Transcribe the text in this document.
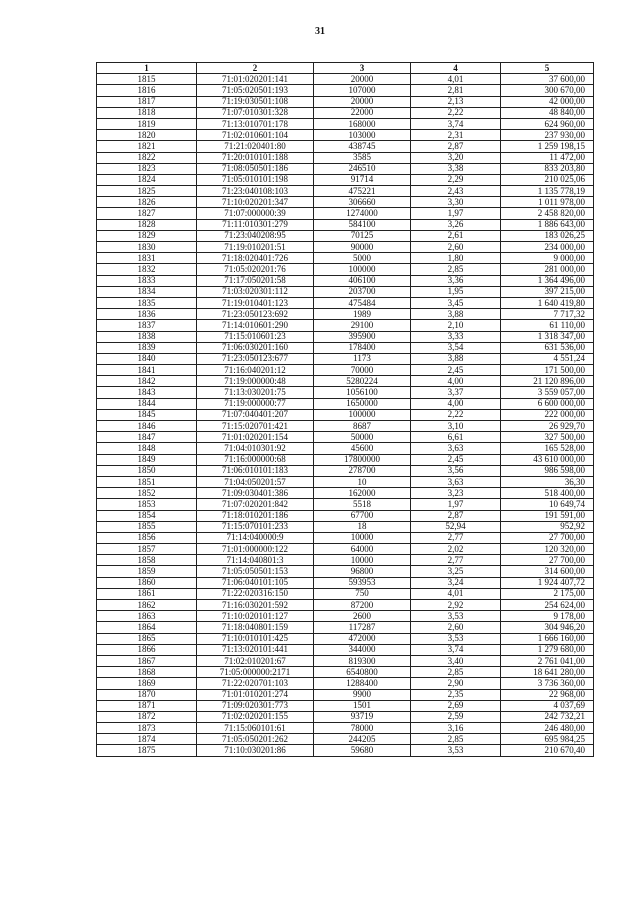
31
1	2	3	4	5
1815	71:01:020201:141	20000	4,01	37 600,00
1816	71:05:020501:193	107000	2,81	300 670,00
1817	71:19:030501:108	20000	2,13	42 000,00
1818	71:07:010301:328	22000	2,22	48 840,00
1819	71:13:010701:178	168000	3,74	624 960,00
1820	71:02:010601:104	103000	2,31	237 930,00
1821	71:21:020401:80	438745	2,87	1 259 198,15
1822	71:20:010101:188	3585	3,20	11 472,00
1823	71:08:050501:186	246510	3,38	833 203,80
1824	71:05:010101:198	91714	2,29	210 025,06
1825	71:23:040108:103	475221	2,43	1 135 778,19
1826	71:10:020201:347	306660	3,30	1 011 978,00
1827	71:07:000000:39	1274000	1,97	2 458 820,00
1828	71:11:010301:279	584100	3,26	1 886 643,00
1829	71:23:040208:95	70125	2,61	183 026,25
1830	71:19:010201:51	90000	2,60	234 000,00
1831	71:18:020401:726	5000	1,80	9 000,00
1832	71:05:020201:76	100000	2,85	281 000,00
1833	71:17:050201:58	406100	3,36	1 364 496,00
1834	71:03:020301:112	203700	1,95	397 215,00
1835	71:19:010401:123	475484	3,45	1 640 419,80
1836	71:23:050123:692	1989	3,88	7 717,32
1837	71:14:010601:290	29100	2,10	61 110,00
1838	71:15:010601:23	395900	3,33	1 318 347,00
1839	71:06:030201:160	178400	3,54	631 536,00
1840	71:23:050123:677	1173	3,88	4 551,24
1841	71:16:040201:12	70000	2,45	171 500,00
1842	71:19:000000:48	5280224	4,00	21 120 896,00
1843	71:13:030201:75	1056100	3,37	3 559 057,00
1844	71:19:000000:77	1650000	4,00	6 600 000,00
1845	71:07:040401:207	100000	2,22	222 000,00
1846	71:15:020701:421	8687	3,10	26 929,70
1847	71:01:020201:154	50000	6,61	327 500,00
1848	71:04:010301:92	45600	3,63	165 528,00
1849	71:16:000000:68	17800000	2,45	43 610 000,00
1850	71:06:010101:183	278700	3,56	986 598,00
1851	71:04:050201:57	10	3,63	36,30
1852	71:09:030401:386	162000	3,23	518 400,00
1853	71:07:020201:842	5518	1,97	10 649,74
1854	71:18:010201:186	67700	2,87	191 591,00
1855	71:15:070101:233	18	52,94	952,92
1856	71:14:040000:9	10000	2,77	27 700,00
1857	71:01:000000:122	64000	2,02	120 320,00
1858	71:14:040801:3	10000	2,77	27 700,00
1859	71:05:050501:153	96800	3,25	314 600,00
1860	71:06:040101:105	593953	3,24	1 924 407,72
1861	71:22:020316:150	750	4,01	2 175,00
1862	71:16:030201:592	87200	2,92	254 624,00
1863	71:10:020101:127	2600	3,53	9 178,00
1864	71:18:040801:159	117287	2,60	304 946,20
1865	71:10:010101:425	472000	3,53	1 666 160,00
1866	71:13:020101:441	344000	3,74	1 279 680,00
1867	71:02:010201:67	819300	3,40	2 761 041,00
1868	71:05:000000:2171	6540800	2,85	18 641 280,00
1869	71:22:020701:103	1288400	2,90	3 736 360,00
1870	71:01:010201:274	9900	2,35	22 968,00
1871	71:09:020301:773	1501	2,69	4 037,69
1872	71:02:020201:155	93719	2,59	242 732,21
1873	71:15:060101:61	78000	3,16	246 480,00
1874	71:05:050201:262	244205	2,85	695 984,25
1875	71:10:030201:86	59680	3,53	210 670,40
